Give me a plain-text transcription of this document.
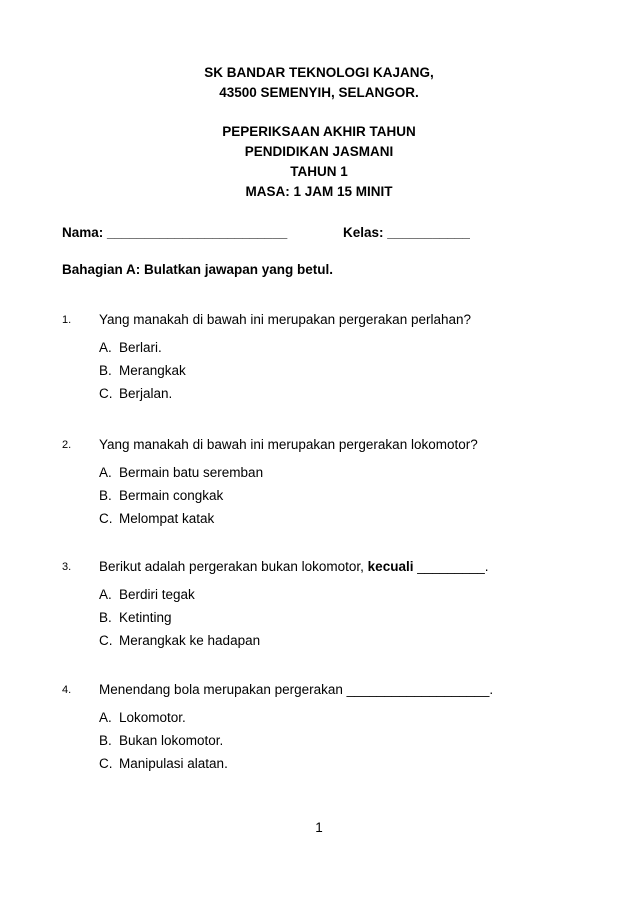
SK BANDAR TEKNOLOGI KAJANG,
43500 SEMENYIH, SELANGOR.
PEPERIKSAAN AKHIR TAHUN
PENDIDIKAN JASMANI
TAHUN 1
MASA: 1 JAM 15 MINIT
Nama: ________________________	Kelas: ___________
Bahagian A: Bulatkan jawapan yang betul.
1. Yang manakah di bawah ini merupakan pergerakan perlahan?
A. Berlari.
B. Merangkak
C. Berjalan.
2. Yang manakah di bawah ini merupakan pergerakan lokomotor?
A. Bermain batu seremban
B. Bermain congkak
C. Melompat katak
3. Berikut adalah pergerakan bukan lokomotor, kecuali _________.
A. Berdiri tegak
B. Ketinting
C. Merangkak ke hadapan
4. Menendang bola merupakan pergerakan ___________________.
A. Lokomotor.
B. Bukan lokomotor.
C. Manipulasi alatan.
1
